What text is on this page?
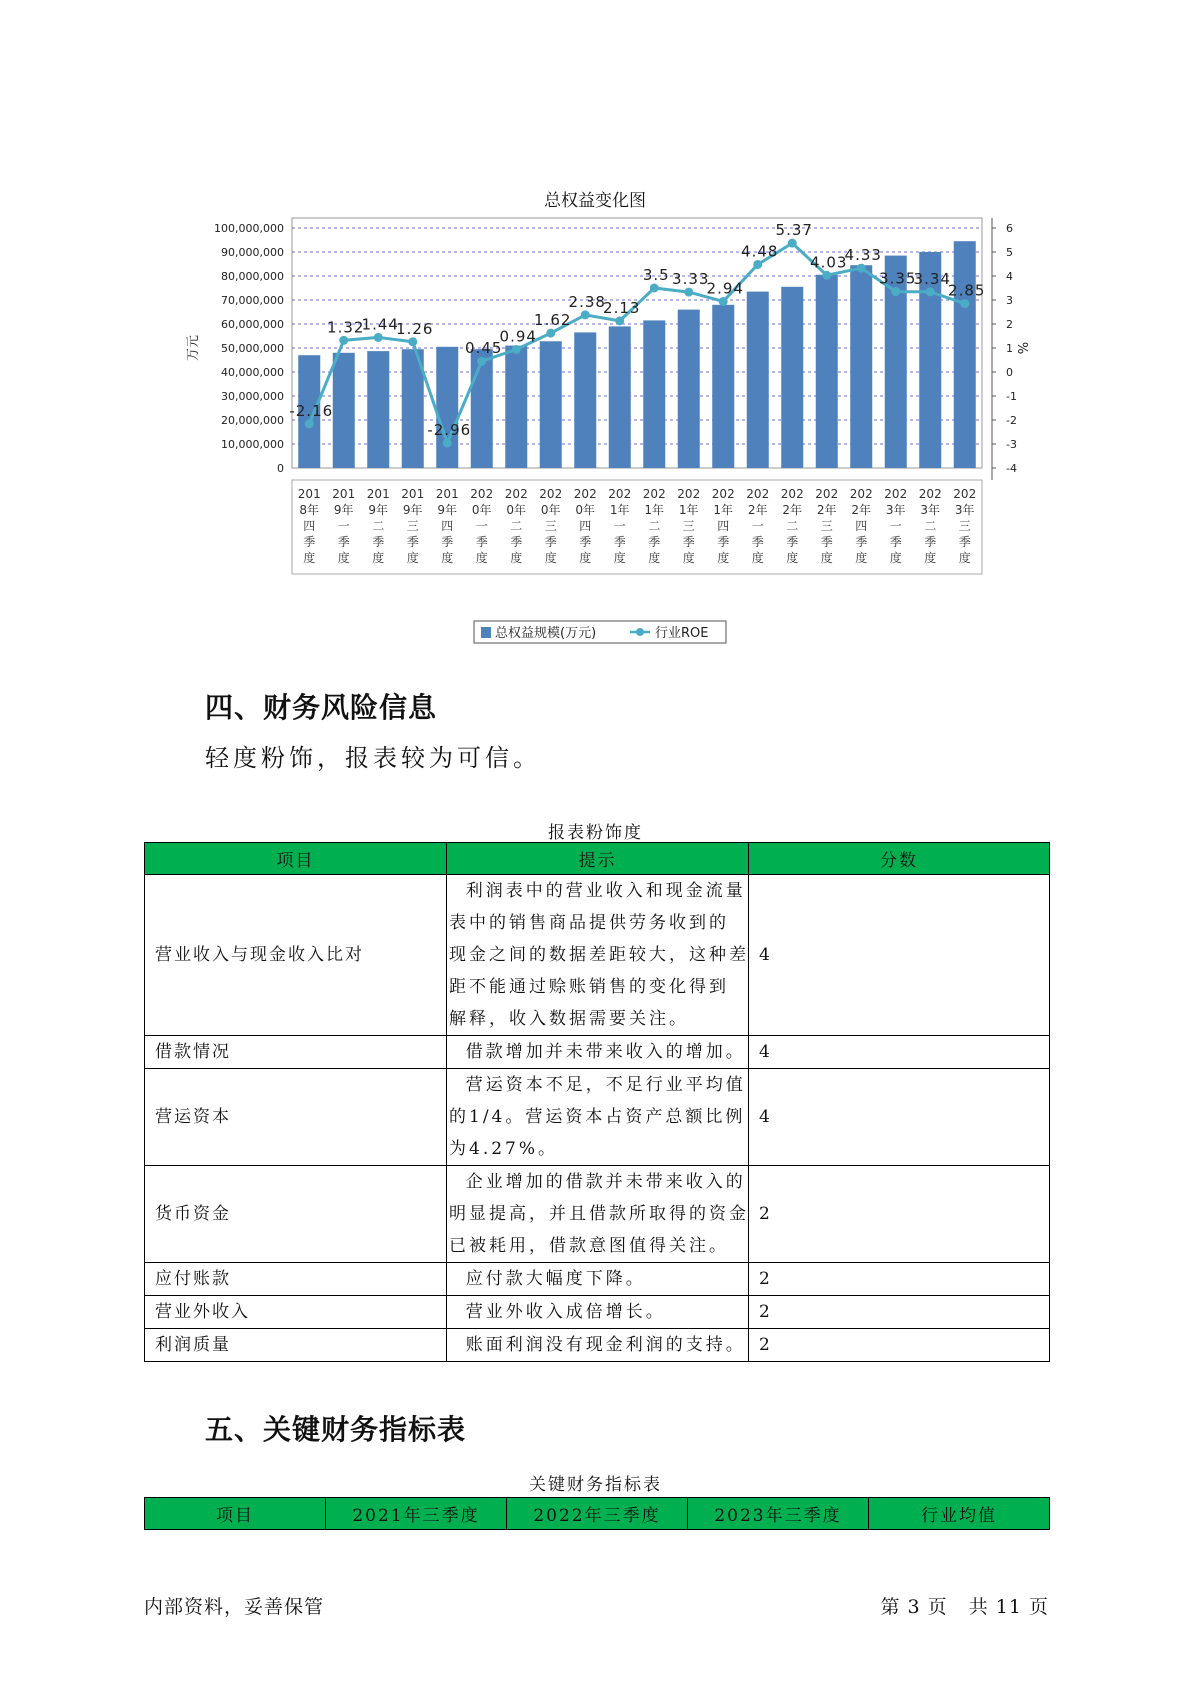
总权益变化图
0
10,000,000
20,000,000
30,000,000
40,000,000
50,000,000
60,000,000
70,000,000
80,000,000
90,000,000
100,000,000
-4
-3
-2
-1
0
1
2
3
4
5
6
万元	%
-2.16
1.32
1.44
1.26
-2.96
0.45
0.94
1.62
2.38
2.13
3.5 3.33
2.94
4.48
5.37
4.03
4.33
3.35
3.34
2.85
201
8年
四
季
度
201
9年
一
季
度
201
9年
二
季
度
201
9年
三
季
度
201
9年
四
季
度
202
0年
一
季
度
202
0年
二
季
度
202
0年
三
季
度
202
0年
四
季
度
202
1年
一
季
度
202
1年
二
季
度
202
1年
三
季
度
202
1年
四
季
度
202
2年
一
季
度
202
2年
二
季
度
202
2年
三
季
度
202
2年
四
季
度
202
3年
一
季
度
202
3年
二
季
度
202
3年
三
季
度
总权益规模(万元)	行业ROE
四、财务风险信息

轻度粉饰，报表较为可信。

报表粉饰度
项目	提示	分数
营业收入与现金收入比对	利润表中的营业收入和现金流量
表中的销售商品提供劳务收到的
现金之间的数据差距较大，这种差
距不能通过赊账销售的变化得到
解释，收入数据需要关注。	4
借款情况	借款增加并未带来收入的增加。	4
营运资本	营运资本不足，不足行业平均值
的1/4。营运资本占资产总额比例
为4.27%。	4
货币资金	企业增加的借款并未带来收入的
明显提高，并且借款所取得的资金
已被耗用，借款意图值得关注。	2
应付账款	应付款大幅度下降。	2
营业外收入	营业外收入成倍增长。	2
利润质量	账面利润没有现金利润的支持。	2
五、关键财务指标表
关键财务指标表
项目	2021年三季度	2022年三季度	2023年三季度	行业均值
内部资料，妥善保管	第 3 页   共 11 页
